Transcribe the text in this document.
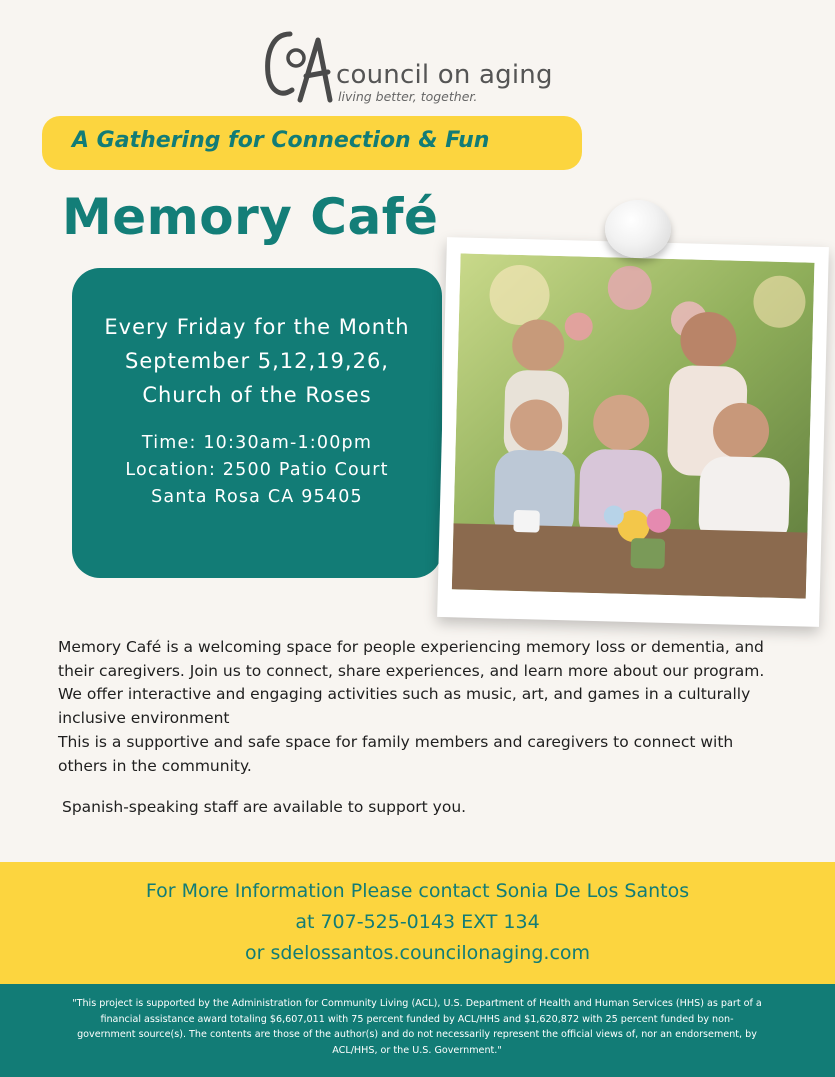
council on aging
living better, together.
A Gathering for Connection & Fun
Memory Café
Every Friday for the Month
September 5,12,19,26,
Church of the Roses
Time: 10:30am-1:00pm
Location: 2500 Patio Court
Santa Rosa CA 95405

Memory Café is a welcoming space for people experiencing memory loss or dementia, and their caregivers. Join us to connect, share experiences, and learn more about our program. We offer interactive and engaging activities such as music, art, and games in a culturally inclusive environment

This is a supportive and safe space for family members and caregivers to connect with others in the community.

Spanish-speaking staff are available to support you.
For More Information Please contact Sonia De Los Santos
at 707-525-0143 EXT 134
or sdelossantos.councilonaging.com

"This project is supported by the Administration for Community Living (ACL), U.S. Department of Health and Human Services (HHS) as part of a financial assistance award totaling $6,607,011 with 75 percent funded by ACL/HHS and $1,620,872 with 25 percent funded by non-government source(s). The contents are those of the author(s) and do not necessarily represent the official views of, nor an endorsement, by ACL/HHS, or the U.S. Government."
